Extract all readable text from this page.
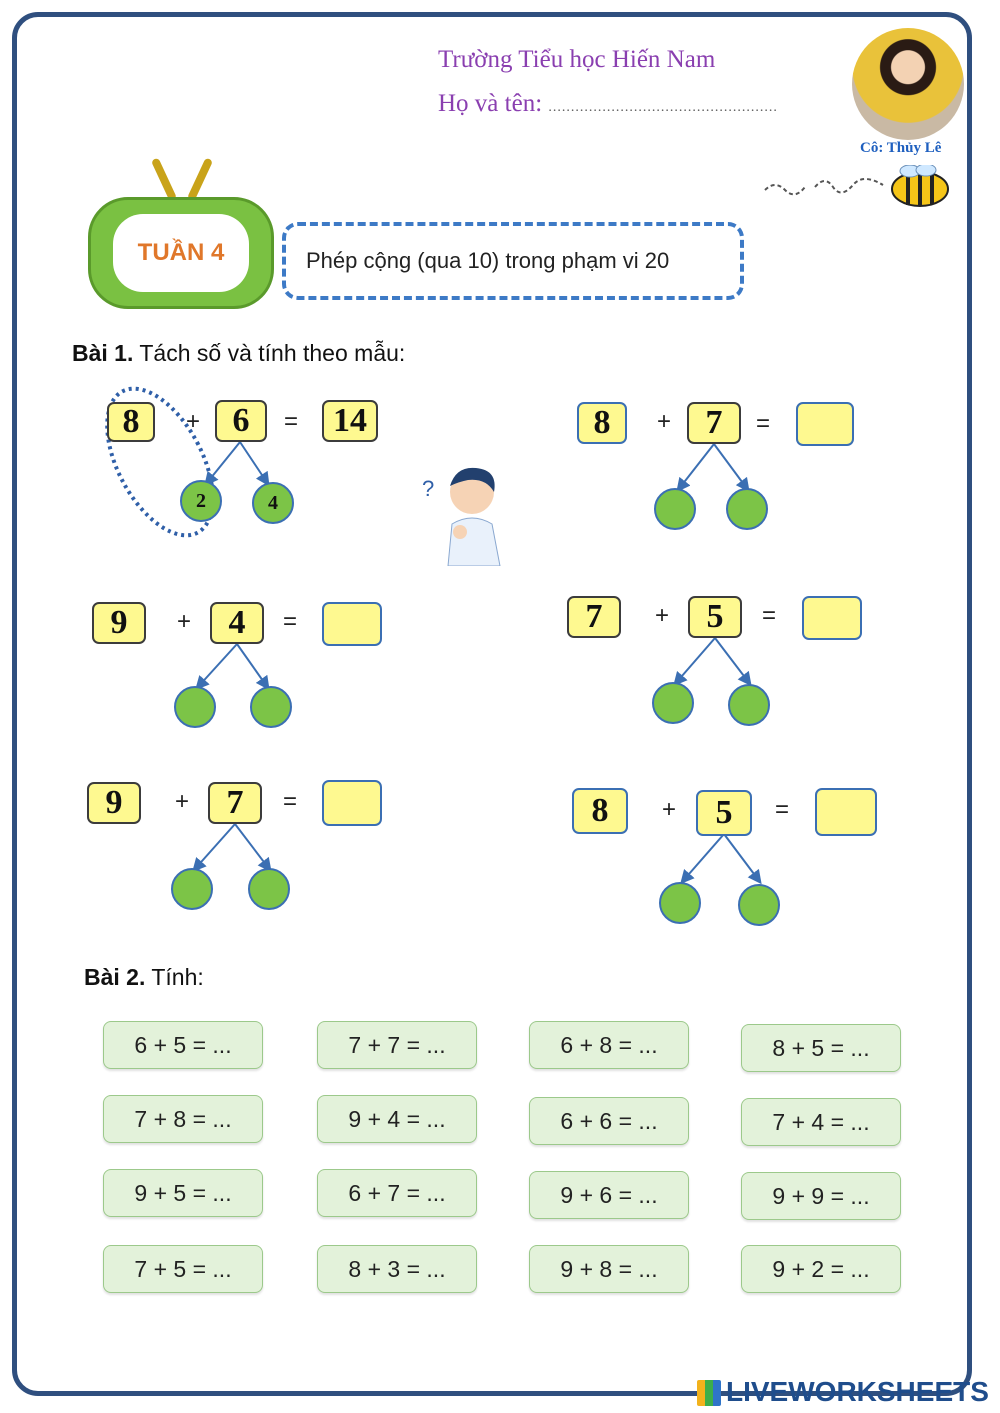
Trường Tiểu học Hiến Nam
Họ và tên: ...................................................
Cô: Thủy Lê
TUẦN 4	Phép cộng (qua 10) trong phạm vi 20
Bài 1. Tách số và tính theo mẫu:
8	+ 6	=	14
2	4
?
8	+	7	=
9	+	4	=	7	+	5	=
9	+	7	=	8	+	5	=
Bài 2. Tính:
6 + 5 = ...	7 + 7 = ...	6 + 8 = ...	8 + 5 = ...
7 + 8 = ...	9 + 4 = ...	6 + 6 = ...	7 + 4 = ...
9 + 5 = ...	6 + 7 = ...	9 + 6 = ...	9 + 9 = ...
7 + 5 = ...	8 + 3 = ...	9 + 8 = ...	9 + 2 = ...
LIVEWORKSHEETS
